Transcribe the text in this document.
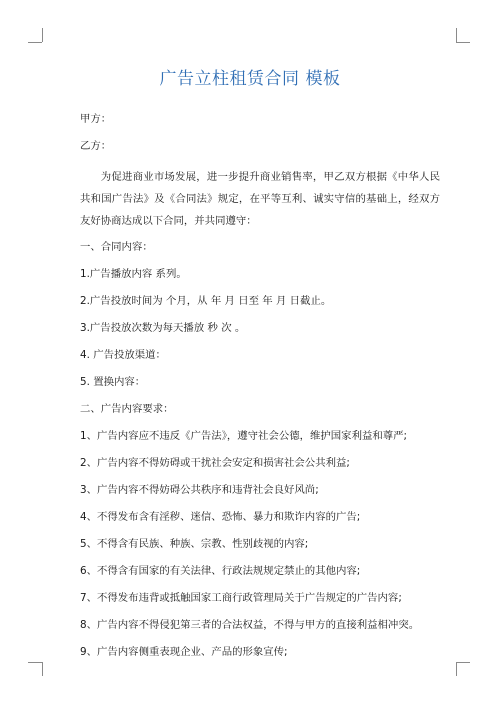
广告立柱租赁合同 模板

甲方：

乙方：

为促进商业市场发展，进一步提升商业销售率，甲乙双方根据《中华人民共和国广告法》及《合同法》规定，在平等互利、诚实守信的基础上，经双方友好协商达成以下合同，并共同遵守：

一、合同内容：

1.广告播放内容 系列。

2.广告投放时间为 个月，从 年 月 日至 年 月 日截止。

3.广告投放次数为每天播放 秒 次 。

4. 广告投放渠道：

5. 置换内容：

二、广告内容要求：

1、广告内容应不违反《广告法》，遵守社会公德，维护国家利益和尊严;

2、广告内容不得妨碍或干扰社会安定和损害社会公共利益;

3、广告内容不得妨碍公共秩序和违背社会良好风尚;

4、不得发布含有淫秽、迷信、恐怖、暴力和欺诈内容的广告;

5、不得含有民族、种族、宗教、性别歧视的内容;

6、不得含有国家的有关法律、行政法规规定禁止的其他内容;

7、不得发布违背或抵触国家工商行政管理局关于广告规定的广告内容;

8、广告内容不得侵犯第三者的合法权益，不得与甲方的直接利益相冲突。

9、广告内容侧重表现企业、产品的形象宣传;
